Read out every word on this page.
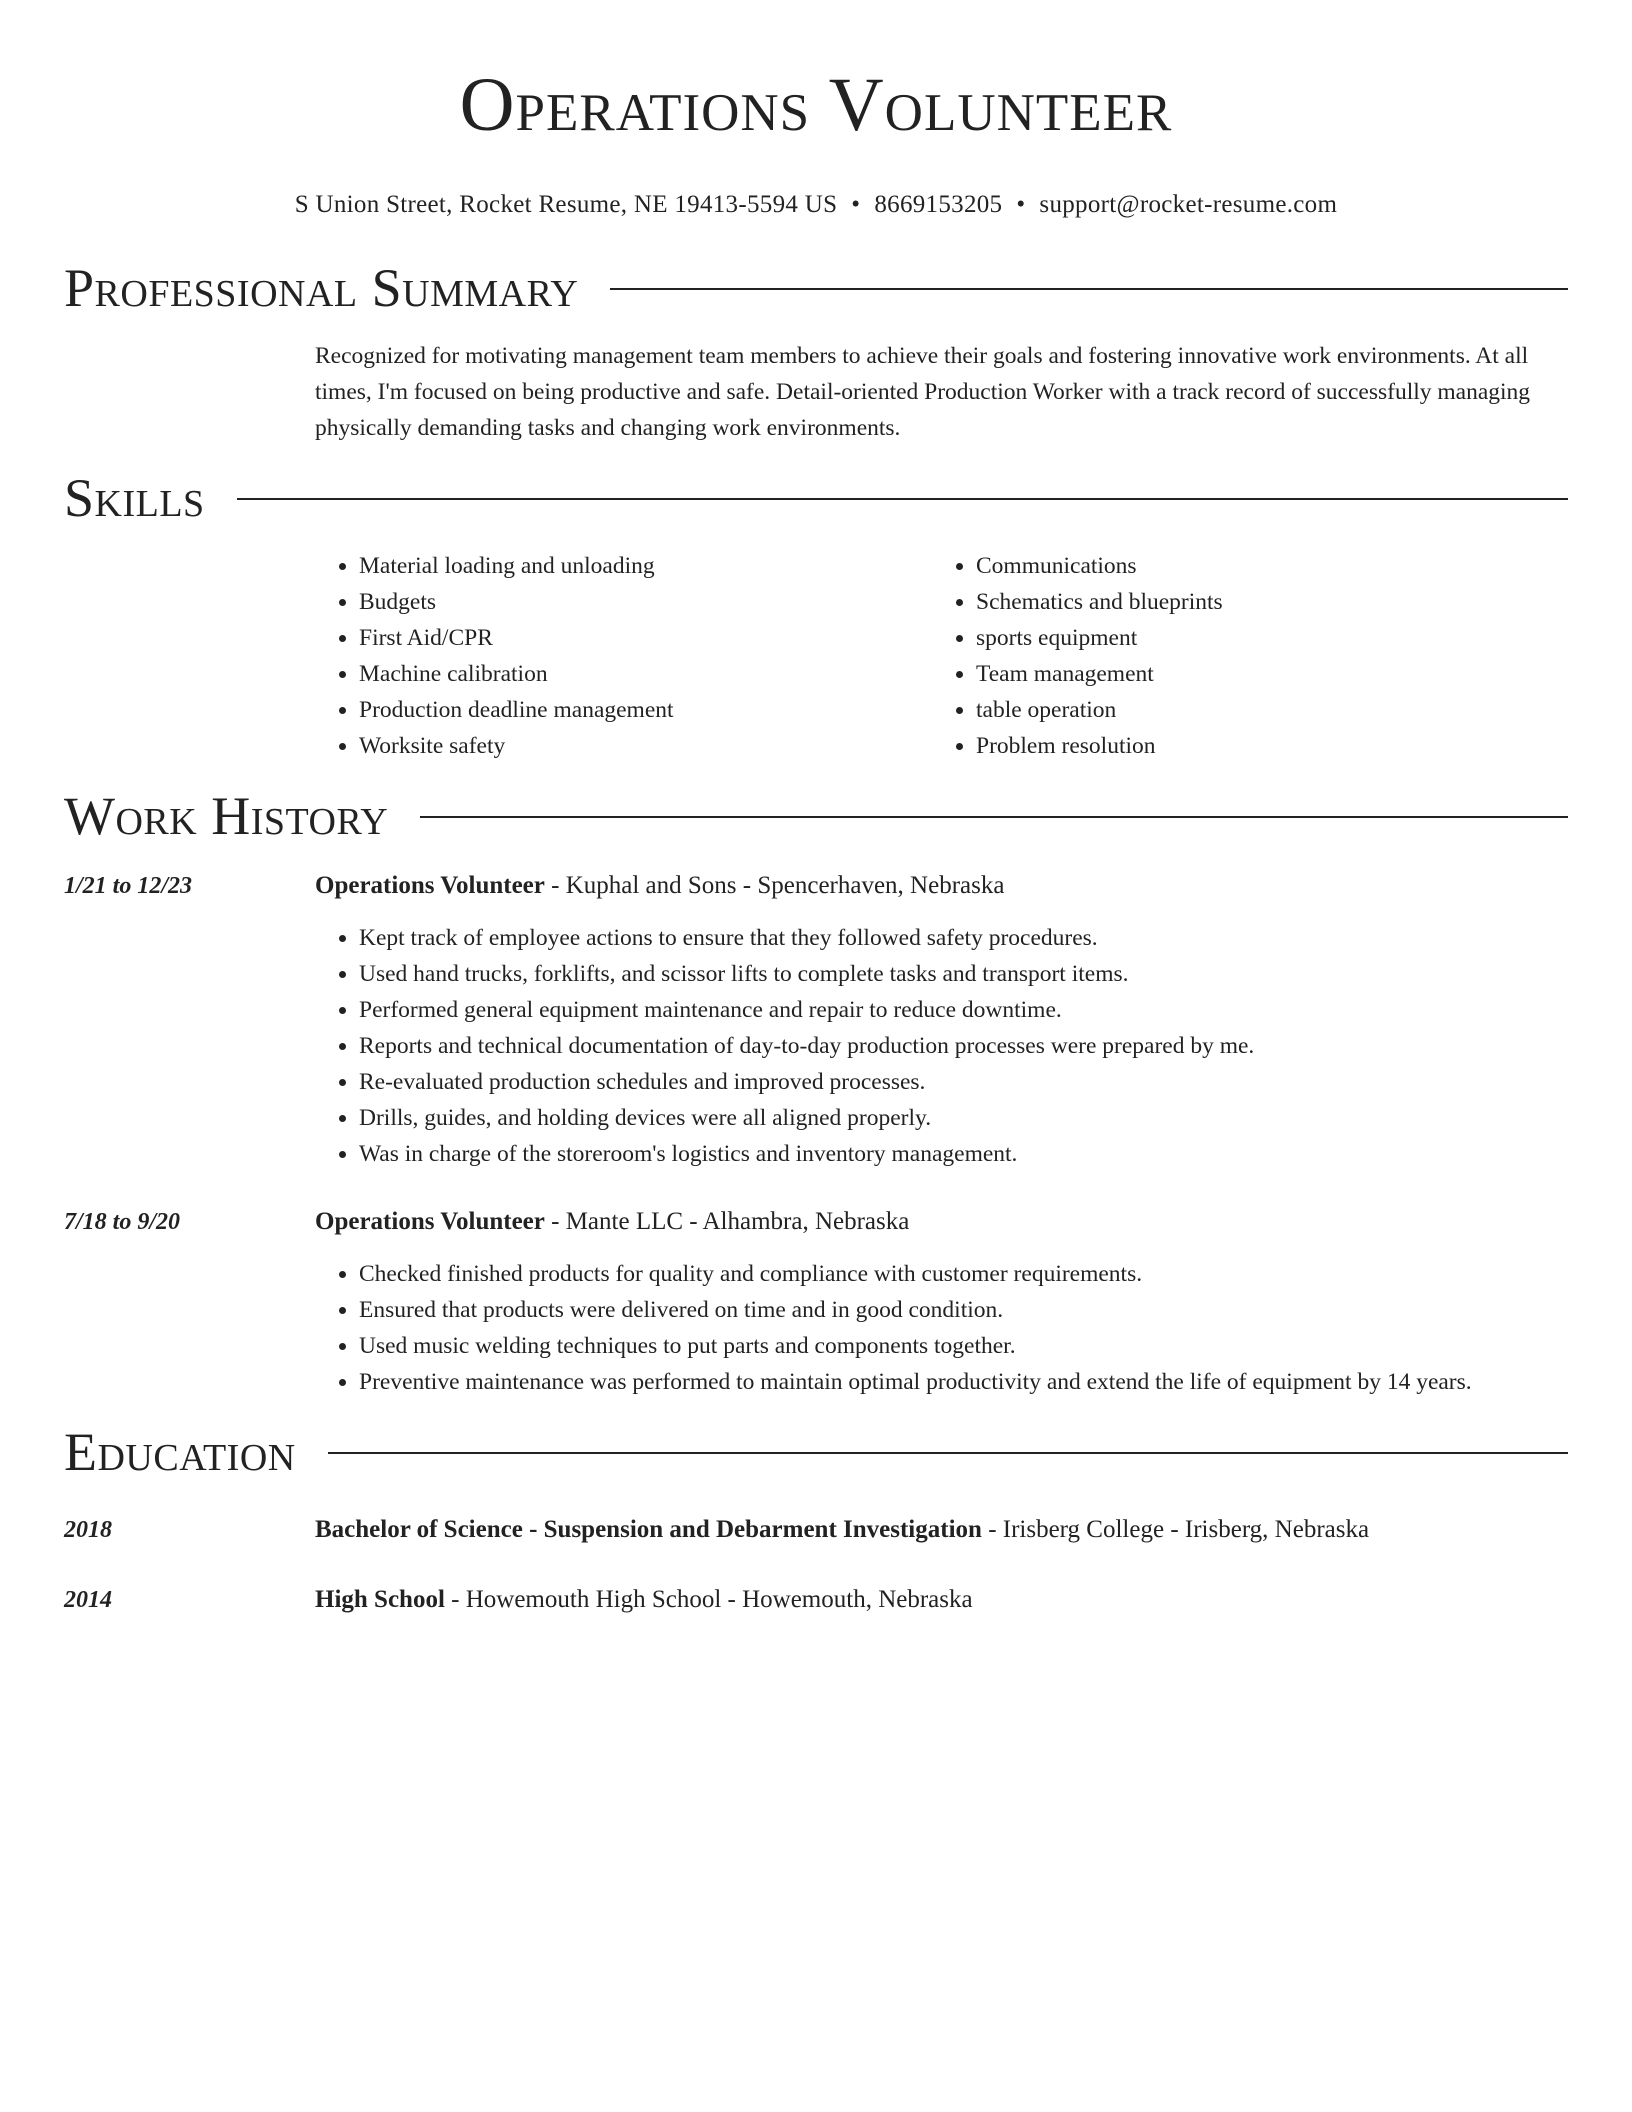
Operations Volunteer
S Union Street, Rocket Resume, NE 19413-5594 US • 8669153205 • support@rocket-resume.com
Professional Summary
Recognized for motivating management team members to achieve their goals and fostering innovative work environments. At all times, I'm focused on being productive and safe. Detail-oriented Production Worker with a track record of successfully managing physically demanding tasks and changing work environments.
Skills
• Material loading and unloading
• Budgets
• First Aid/CPR
• Machine calibration
• Production deadline management
• Worksite safety
• Communications
• Schematics and blueprints
• sports equipment
• Team management
• table operation
• Problem resolution
Work History
1/21 to 12/23	Operations Volunteer - Kuphal and Sons - Spencerhaven, Nebraska
• Kept track of employee actions to ensure that they followed safety procedures.
• Used hand trucks, forklifts, and scissor lifts to complete tasks and transport items.
• Performed general equipment maintenance and repair to reduce downtime.
• Reports and technical documentation of day-to-day production processes were prepared by me.
• Re-evaluated production schedules and improved processes.
• Drills, guides, and holding devices were all aligned properly.
• Was in charge of the storeroom's logistics and inventory management.
7/18 to 9/20	Operations Volunteer - Mante LLC - Alhambra, Nebraska
• Checked finished products for quality and compliance with customer requirements.
• Ensured that products were delivered on time and in good condition.
• Used music welding techniques to put parts and components together.
• Preventive maintenance was performed to maintain optimal productivity and extend the life of equipment by 14 years.
Education
2018	Bachelor of Science - Suspension and Debarment Investigation - Irisberg College - Irisberg, Nebraska
2014	High School - Howemouth High School - Howemouth, Nebraska
